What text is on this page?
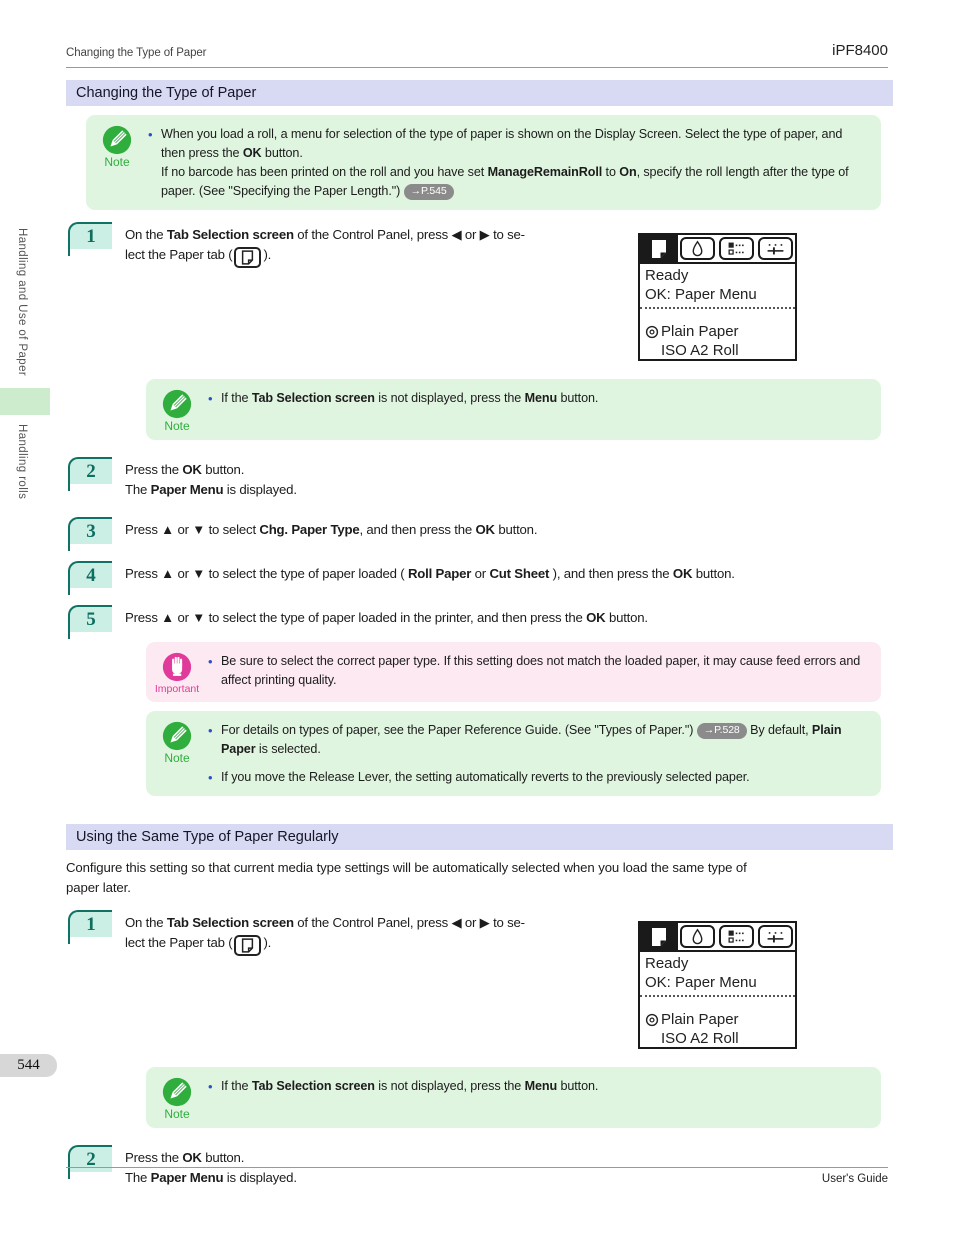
Handling and Use of Paper
Handling rolls
Changing the Type of Paper	iPF8400
Changing the Type of Paper
Note
• When you load a roll, a menu for selection of the type of paper is shown on the Display Screen. Select the type of paper, and then press the OK button.
If no barcode has been printed on the roll and you have set ManageRemainRoll to On, specify the roll length after the type of paper. (See "Specifying the Paper Length.") →P.545
1	On the Tab Selection screen of the Control Panel, press ◀ or ▶ to se-
lect the Paper tab ( ).
Ready
OK: Paper Menu
Plain Paper
ISO A2 Roll
Note
• If the Tab Selection screen is not displayed, press the Menu button.
2	Press the OK button.
The Paper Menu is displayed.
3	Press ▲ or ▼ to select Chg. Paper Type, and then press the OK button.
4	Press ▲ or ▼ to select the type of paper loaded ( Roll Paper or Cut Sheet ), and then press the OK button.
5	Press ▲ or ▼ to select the type of paper loaded in the printer, and then press the OK button.
Important
• Be sure to select the correct paper type. If this setting does not match the loaded paper, it may cause feed errors and affect printing quality.
Note
• For details on types of paper, see the Paper Reference Guide. (See "Types of Paper.") →P.528 By default, Plain Paper is selected.
• If you move the Release Lever, the setting automatically reverts to the previously selected paper.
Using the Same Type of Paper Regularly
Configure this setting so that current media type settings will be automatically selected when you load the same type of
paper later.
1	On the Tab Selection screen of the Control Panel, press ◀ or ▶ to se-
lect the Paper tab ( ).
Ready
OK: Paper Menu
Plain Paper
ISO A2 Roll
Note
• If the Tab Selection screen is not displayed, press the Menu button.
2	Press the OK button.
The Paper Menu is displayed.
544
User's Guide
